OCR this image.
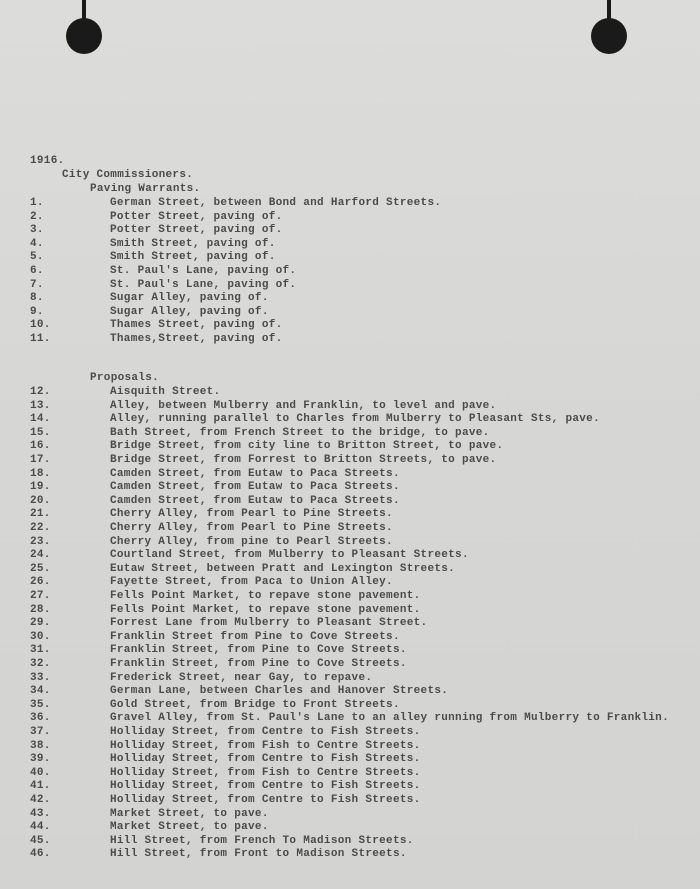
1916.
City Commissioners.
Paving Warrants.
1.	German Street, between Bond and Harford Streets.
2.	Potter Street, paving of.
3.	Potter Street, paving of.
4.	Smith Street, paving of.
5.	Smith Street, paving of.
6.	St. Paul's Lane, paving of.
7.	St. Paul's Lane, paving of.
8.	Sugar Alley, paving of.
9.	Sugar Alley, paving of.
10.	Thames Street, paving of.
11.	Thames,Street, paving of.
Proposals.
12.	Aisquith Street.
13.	Alley, between Mulberry and Franklin, to level and pave.
14.	Alley, running parallel to Charles from Mulberry to Pleasant Sts, pave.
15.	Bath Street, from French Street to the bridge, to pave.
16.	Bridge Street, from city line to Britton Street, to pave.
17.	Bridge Street, from Forrest to Britton Streets, to pave.
18.	Camden Street, from Eutaw to Paca Streets.
19.	Camden Street, from Eutaw to Paca Streets.
20.	Camden Street, from Eutaw to Paca Streets.
21.	Cherry Alley, from Pearl to Pine Streets.
22.	Cherry Alley, from Pearl to Pine Streets.
23.	Cherry Alley, from pine to Pearl Streets.
24.	Courtland Street, from Mulberry to Pleasant Streets.
25.	Eutaw Street, between Pratt and Lexington Streets.
26.	Fayette Street, from Paca to Union Alley.
27.	Fells Point Market, to repave stone pavement.
28.	Fells Point Market, to repave stone pavement.
29.	Forrest Lane from Mulberry to Pleasant Street.
30.	Franklin Street from Pine to Cove Streets.
31.	Franklin Street, from Pine to Cove Streets.
32.	Franklin Street, from Pine to Cove Streets.
33.	Frederick Street, near Gay, to repave.
34.	German Lane, between Charles and Hanover Streets.
35.	Gold Street, from Bridge to Front Streets.
36.	Gravel Alley, from St. Paul's Lane to an alley running from Mulberry to Franklin.
37.	Holliday Street, from Centre to Fish Streets.
38.	Holliday Street, from Fish to Centre Streets.
39.	Holliday Street, from Centre to Fish Streets.
40.	Holliday Street, from Fish to Centre Streets.
41.	Holliday Street, from Centre to Fish Streets.
42.	Holliday Street, from Centre to Fish Streets.
43.	Market Street, to pave.
44.	Market Street, to pave.
45.	Hill Street, from French To Madison Streets.
46.	Hill Street, from Front to Madison Streets.
